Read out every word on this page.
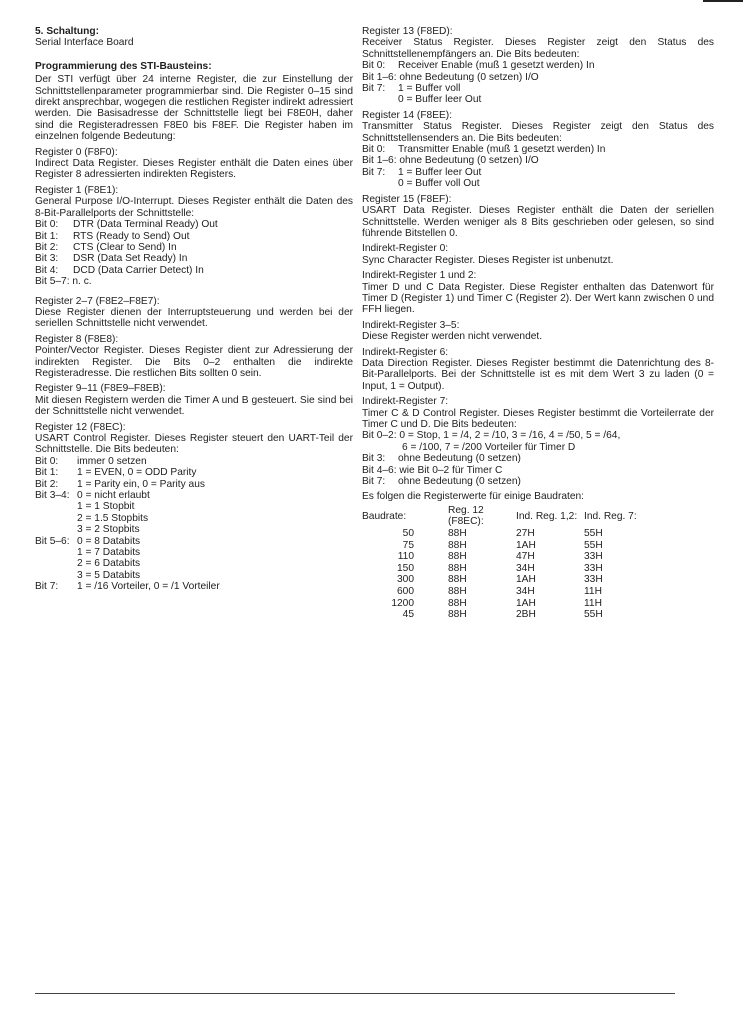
5. Schaltung:
Serial Interface Board
Programmierung des STI-Bausteins:

Der STI verfügt über 24 interne Register, die zur Einstellung der Schnittstellenparameter programmierbar sind. Die Register 0–15 sind direkt ansprechbar, wogegen die restlichen Register indirekt adressiert werden. Die Basisadresse der Schnittstelle liegt bei F8E0H, daher sind die Registeradressen F8E0 bis F8EF. Die Register haben im einzelnen folgende Bedeutung:

Register 0 (F8F0):

Indirect Data Register. Dieses Register enthält die Daten eines über Register 8 adressierten indirekten Registers.

Register 1 (F8E1):

General Purpose I/O-Interrupt. Dieses Register enthält die Daten des 8-Bit-Parallelports der Schnittstelle:

Bit 0:	DTR (Data Terminal Ready) Out
Bit 1:	RTS (Ready to Send) Out
Bit 2:	CTS (Clear to Send) In
Bit 3:	DSR (Data Set Ready) In
Bit 4:	DCD (Data Carrier Detect) In
Bit 5–7: n. c.
Register 2–7 (F8E2–F8E7):

Diese Register dienen der Interruptsteuerung und werden bei der seriellen Schnittstelle nicht verwendet.

Register 8 (F8E8):

Pointer/Vector Register. Dieses Register dient zur Adressierung der indirekten Register. Die Bits 0–2 enthalten die indirekte Registeradresse. Die restlichen Bits sollten 0 sein.

Register 9–11 (F8E9–F8EB):

Mit diesen Registern werden die Timer A und B gesteuert. Sie sind bei der Schnittstelle nicht verwendet.

Register 12 (F8EC):

USART Control Register. Dieses Register steuert den UART-Teil der Schnittstelle. Die Bits bedeuten:

Bit 0:	immer 0 setzen
Bit 1:	1 = EVEN, 0 = ODD Parity
Bit 2:	1 = Parity ein, 0 = Parity aus
Bit 3–4: 0 = nicht erlaubt
1 = 1 Stopbit
2 = 1.5 Stopbits
3 = 2 Stopbits
Bit 5–6: 0 = 8 Databits
1 = 7 Databits
2 = 6 Databits
3 = 5 Databits
Bit 7:	1 = /16 Vorteiler, 0 = /1 Vorteiler
Register 13 (F8ED):

Receiver Status Register. Dieses Register zeigt den Status des Schnittstellenempfängers an. Die Bits bedeuten:

Bit 0:	Receiver Enable (muß 1 gesetzt werden) In
Bit 1–6: ohne Bedeutung (0 setzen) I/O
Bit 7:	1 = Buffer voll
0 = Buffer leer Out
Register 14 (F8EE):

Transmitter Status Register. Dieses Register zeigt den Status des Schnittstellensenders an. Die Bits bedeuten:

Bit 0:	Transmitter Enable (muß 1 gesetzt werden) In
Bit 1–6: ohne Bedeutung (0 setzen) I/O
Bit 7:	1 = Buffer leer Out
0 = Buffer voll Out
Register 15 (F8EF):

USART Data Register. Dieses Register enthält die Daten der seriellen Schnittstelle. Werden weniger als 8 Bits geschrieben oder gelesen, so sind führende Bitstellen 0.

Indirekt-Register 0:

Sync Character Register. Dieses Register ist unbenutzt.

Indirekt-Register 1 und 2:

Timer D und C Data Register. Diese Register enthalten das Datenwort für Timer D (Register 1) und Timer C (Register 2). Der Wert kann zwischen 0 und FFH liegen.

Indirekt-Register 3–5:

Diese Register werden nicht verwendet.

Indirekt-Register 6:

Data Direction Register. Dieses Register bestimmt die Datenrichtung des 8-Bit-Parallelports. Bei der Schnittstelle ist es mit dem Wert 3 zu laden (0 = Input, 1 = Output).

Indirekt-Register 7:

Timer C & D Control Register. Dieses Register bestimmt die Vorteilerrate der Timer C und D. Die Bits bedeuten:

Bit 0–2: 0 = Stop, 1 = /4, 2 = /10, 3 = /16, 4 = /50, 5 = /64,
6 = /100, 7 = /200 Vorteiler für Timer D
Bit 3:	ohne Bedeutung (0 setzen)
Bit 4–6: wie Bit 0–2 für Timer C
Bit 7:	ohne Bedeutung (0 setzen)
Es folgen die Registerwerte für einige Baudraten:
Baudrate:	Reg. 12 (F8EC):	Ind. Reg. 1,2:	Ind. Reg. 7:
50	88H	27H	55H
75	88H	1AH	55H
110	88H	47H	33H
150	88H	34H	33H
300	88H	1AH	33H
600	88H	34H	11H
1200	88H	1AH	11H
45	88H	2BH	55H
